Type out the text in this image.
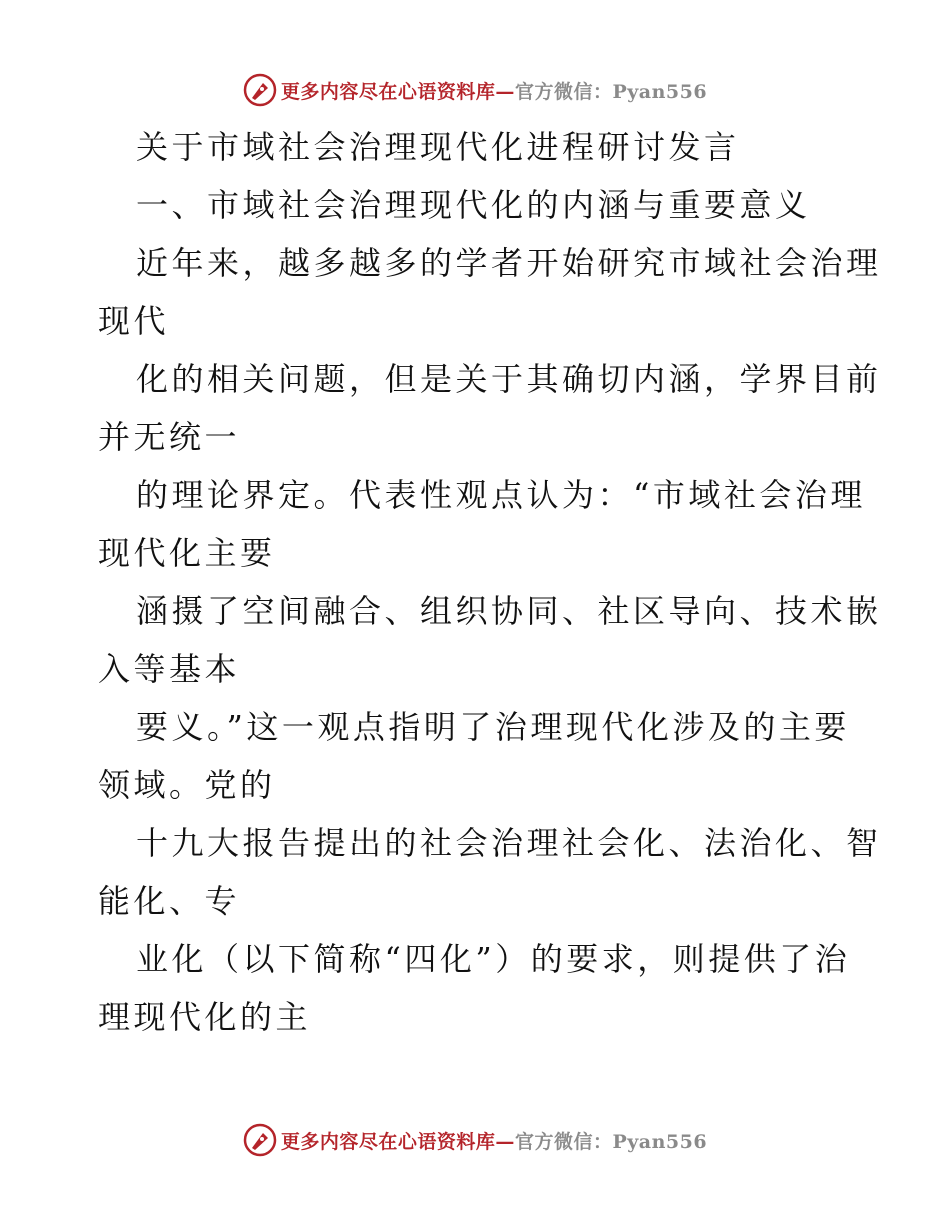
更多内容尽在心语资料库—官方微信：Pyan556
关于市域社会治理现代化进程研讨发言
一、市域社会治理现代化的内涵与重要意义
近年来，越多越多的学者开始研究市域社会治理
现代
化的相关问题，但是关于其确切内涵，学界目前
并无统一
的理论界定。代表性观点认为：“市域社会治理
现代化主要
涵摄了空间融合、组织协同、社区导向、技术嵌
入等基本
要义。”这一观点指明了治理现代化涉及的主要
领域。党的
十九大报告提出的社会治理社会化、法治化、智
能化、专
业化（以下简称“四化”）的要求，则提供了治
理现代化的主
更多内容尽在心语资料库—官方微信：Pyan556
